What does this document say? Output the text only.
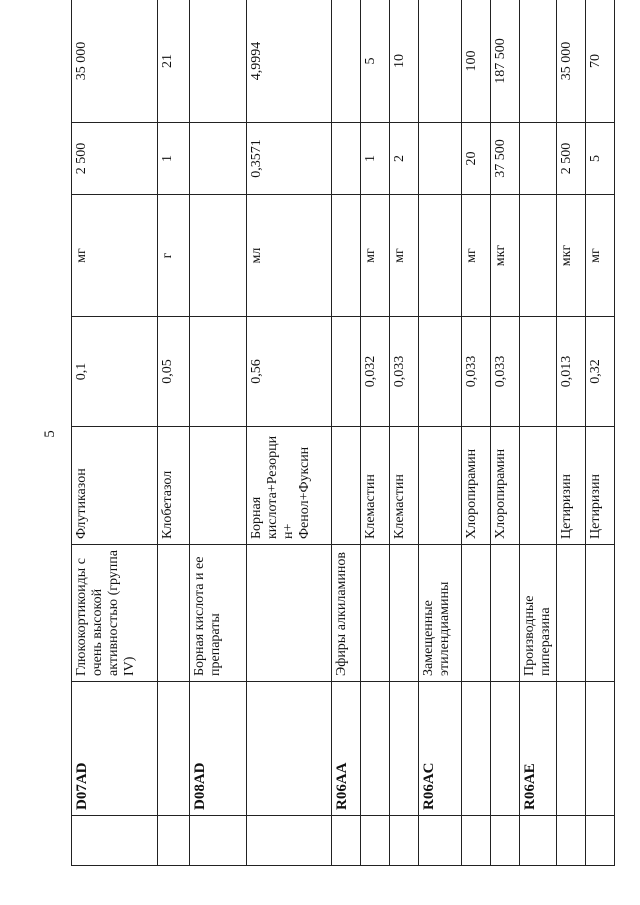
5
	D07AD	Глюкокортикоиды с очень высокой активностью (группа IV)	Флутиказон	0,1	мг	2 500	35 000
			Клобетазол	0,05	г	1	21
	D08AD	Борная кислота и ее препараты					
			Борная кислота+Резорцин+ Фенол+Фуксин	0,56	мл	0,3571	4,9994
	R06AA	Эфиры алкиламинов					
			Клемастин	0,032	мг	1	5
			Клемастин	0,033	мг	2	10
	R06AC	Замещенные этилендиамины					
			Хлоропирамин	0,033	мг	20	100
			Хлоропирамин	0,033	мкг	37 500	187 500
	R06AE	Производные пиперазина					
			Цетиризин	0,013	мкг	2 500	35 000
			Цетиризин	0,32	мг	5	70
